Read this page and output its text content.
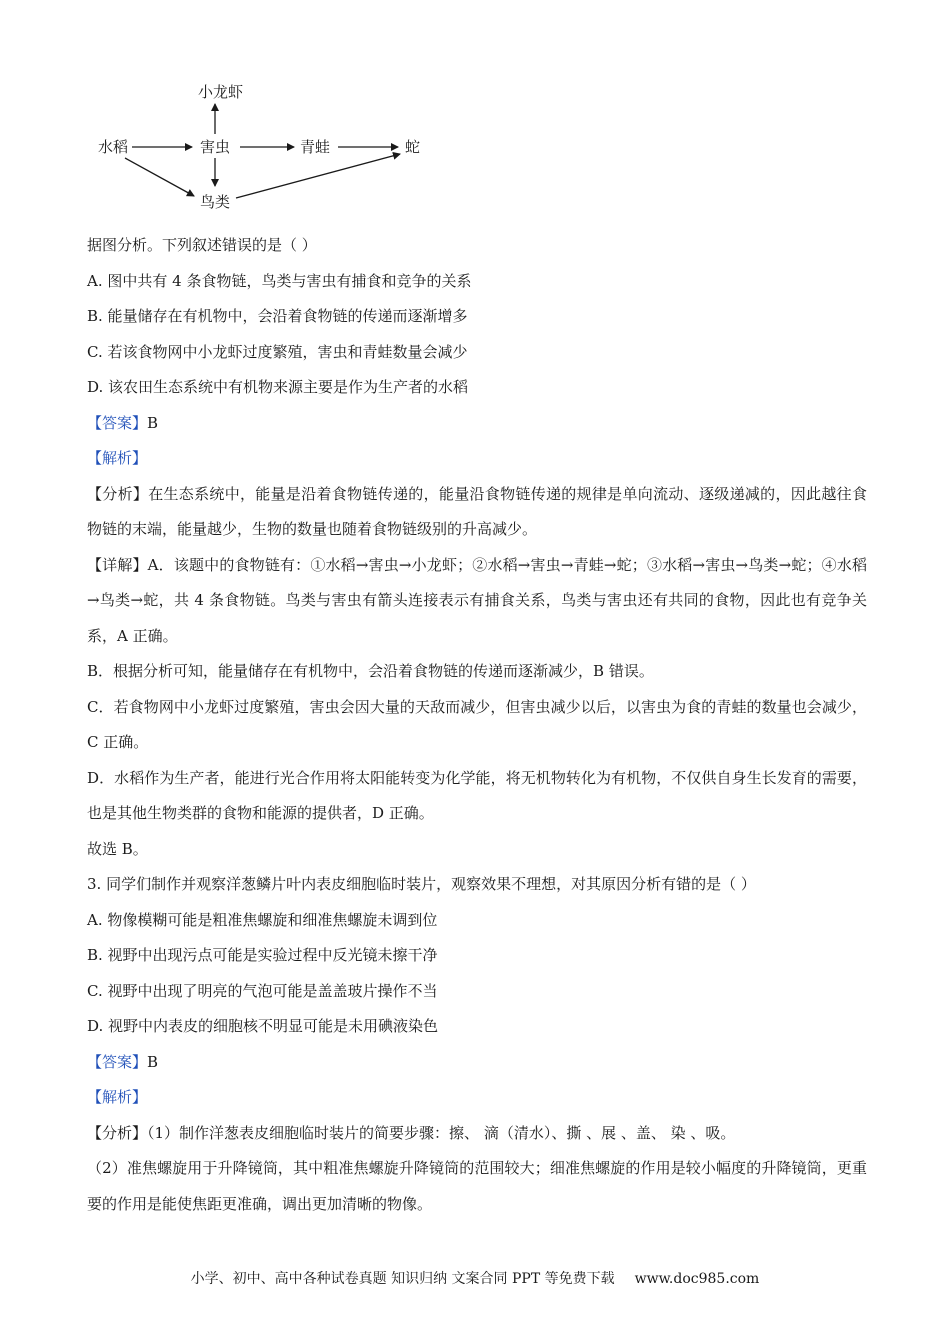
小龙虾
水稻	害虫	青蛙	蛇
鸟类
据图分析。下列叙述错误的是（ ）
A. 图中共有 4 条食物链，鸟类与害虫有捕食和竞争的关系
B. 能量储存在有机物中，会沿着食物链的传递而逐渐增多
C. 若该食物网中小龙虾过度繁殖，害虫和青蛙数量会减少
D. 该农田生态系统中有机物来源主要是作为生产者的水稻
【答案】B
【解析】
【分析】在生态系统中，能量是沿着食物链传递的，能量沿食物链传递的规律是单向流动、逐级递减的，因此越往食物链的末端，能量越少，生物的数量也随着食物链级别的升高减少。
【详解】A．该题中的食物链有：①水稻→害虫→小龙虾；②水稻→害虫→青蛙→蛇；③水稻→害虫→鸟类→蛇；④水稻→鸟类→蛇，共 4 条食物链。鸟类与害虫有箭头连接表示有捕食关系，鸟类与害虫还有共同的食物，因此也有竞争关系，A 正确。
B．根据分析可知，能量储存在有机物中，会沿着食物链的传递而逐渐减少，B 错误。
C．若食物网中小龙虾过度繁殖，害虫会因大量的天敌而减少，但害虫减少以后，以害虫为食的青蛙的数量也会减少，C 正确。
D．水稻作为生产者，能进行光合作用将太阳能转变为化学能，将无机物转化为有机物，不仅供自身生长发育的需要，也是其他生物类群的食物和能源的提供者，D 正确。
故选 B。
3. 同学们制作并观察洋葱鳞片叶内表皮细胞临时装片，观察效果不理想，对其原因分析有错的是（ ）
A. 物像模糊可能是粗准焦螺旋和细准焦螺旋未调到位
B. 视野中出现污点可能是实验过程中反光镜未擦干净
C. 视野中出现了明亮的气泡可能是盖盖玻片操作不当
D. 视野中内表皮的细胞核不明显可能是未用碘液染色
【答案】B
【解析】
【分析】（1）制作洋葱表皮细胞临时装片的简要步骤：擦、 滴（清水）、撕 、展 、盖、 染 、吸。
（2）准焦螺旋用于升降镜筒，其中粗准焦螺旋升降镜筒的范围较大；细准焦螺旋的作用是较小幅度的升降镜筒，更重要的作用是能使焦距更准确，调出更加清晰的物像。
小学、初中、高中各种试卷真题 知识归纳 文案合同 PPT 等免费下载 www.doc985.com
